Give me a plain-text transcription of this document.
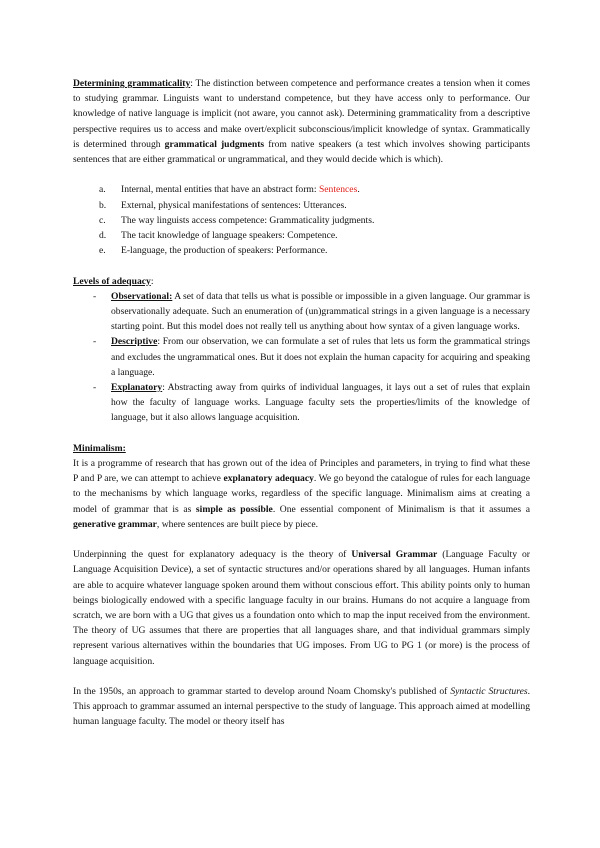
Determining grammaticality: The distinction between competence and performance creates a tension when it comes to studying grammar. Linguists want to understand competence, but they have access only to performance. Our knowledge of native language is implicit (not aware, you cannot ask). Determining grammaticality from a descriptive perspective requires us to access and make overt/explicit subconscious/implicit knowledge of syntax. Grammatically is determined through grammatical judgments from native speakers (a test which involves showing participants sentences that are either grammatical or ungrammatical, and they would decide which is which).

a. Internal, mental entities that have an abstract form: Sentences.
b. External, physical manifestations of sentences: Utterances.
c. The way linguists access competence: Grammaticality judgments.
d. The tacit knowledge of language speakers: Competence.
e. E-language, the production of speakers: Performance.

Levels of adequacy:

- Observational: A set of data that tells us what is possible or impossible in a given language. Our grammar is observationally adequate. Such an enumeration of (un)grammatical strings in a given language is a necessary starting point. But this model does not really tell us anything about how syntax of a given language works.
- Descriptive: From our observation, we can formulate a set of rules that lets us form the grammatical strings and excludes the ungrammatical ones. But it does not explain the human capacity for acquiring and speaking a language.
- Explanatory: Abstracting away from quirks of individual languages, it lays out a set of rules that explain how the faculty of language works. Language faculty sets the properties/limits of the knowledge of language, but it also allows language acquisition.

Minimalism:

It is a programme of research that has grown out of the idea of Principles and parameters, in trying to find what these P and P are, we can attempt to achieve explanatory adequacy. We go beyond the catalogue of rules for each language to the mechanisms by which language works, regardless of the specific language. Minimalism aims at creating a model of grammar that is as simple as possible. One essential component of Minimalism is that it assumes a generative grammar, where sentences are built piece by piece.

Underpinning the quest for explanatory adequacy is the theory of Universal Grammar (Language Faculty or Language Acquisition Device), a set of syntactic structures and/or operations shared by all languages. Human infants are able to acquire whatever language spoken around them without conscious effort. This ability points only to human beings biologically endowed with a specific language faculty in our brains. Humans do not acquire a language from scratch, we are born with a UG that gives us a foundation onto which to map the input received from the environment. The theory of UG assumes that there are properties that all languages share, and that individual grammars simply represent various alternatives within the boundaries that UG imposes. From UG to PG 1 (or more) is the process of language acquisition.

In the 1950s, an approach to grammar started to develop around Noam Chomsky's published of Syntactic Structures. This approach to grammar assumed an internal perspective to the study of language. This approach aimed at modelling human language faculty. The model or theory itself has
